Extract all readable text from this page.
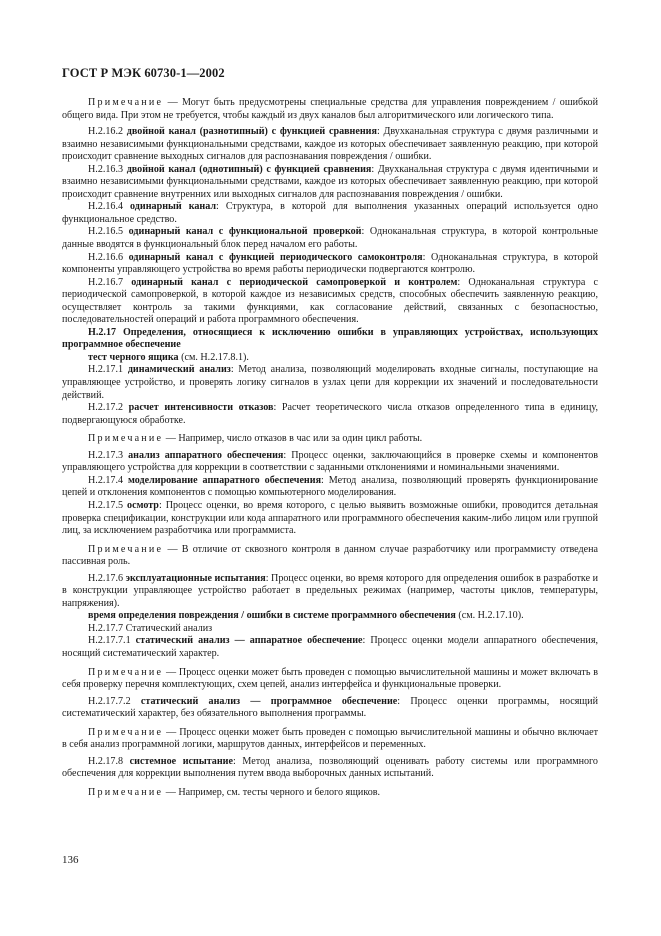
ГОСТ Р МЭК 60730-1—2002

Примечание — Могут быть предусмотрены специальные средства для управления повреждением / ошибкой общего вида. При этом не требуется, чтобы каждый из двух каналов был алгоритмического или логического типа.

Н.2.16.2 двойной канал (разнотипный) с функцией сравнения: Двухканальная структура с двумя различными и взаимно независимыми функциональными средствами, каждое из которых обеспечивает заявленную реакцию, при которой происходит сравнение выходных сигналов для распознавания повреждения / ошибки.

Н.2.16.3 двойной канал (однотипный) с функцией сравнения: Двухканальная структура с двумя идентичными и взаимно независимыми функциональными средствами, каждое из которых обеспечивает заявленную реакцию, при которой происходит сравнение внутренних или выходных сигналов для распознавания повреждения / ошибки.

Н.2.16.4 одинарный канал: Структура, в которой для выполнения указанных операций используется одно функциональное средство.

Н.2.16.5 одинарный канал с функциональной проверкой: Одноканальная структура, в которой контрольные данные вводятся в функциональный блок перед началом его работы.

Н.2.16.6 одинарный канал с функцией периодического самоконтроля: Одноканальная структура, в которой компоненты управляющего устройства во время работы периодически подвергаются контролю.

Н.2.16.7 одинарный канал с периодической самопроверкой и контролем: Одноканальная структура с периодической самопроверкой, в которой каждое из независимых средств, способных обеспечить заявленную реакцию, осуществляет контроль за такими функциями, как согласование действий, связанных с безопасностью, последовательностей операций и работа программного обеспечения.

Н.2.17 Определения, относящиеся к исключению ошибки в управляющих устройствах, использующих программное обеспечение

тест черного ящика (см. Н.2.17.8.1).

Н.2.17.1 динамический анализ: Метод анализа, позволяющий моделировать входные сигналы, поступающие на управляющее устройство, и проверять логику сигналов в узлах цепи для коррекции их значений и последовательности действий.

Н.2.17.2 расчет интенсивности отказов: Расчет теоретического числа отказов определенного типа в единицу, подвергающуюся обработке.

Примечание — Например, число отказов в час или за один цикл работы.

Н.2.17.3 анализ аппаратного обеспечения: Процесс оценки, заключающийся в проверке схемы и компонентов управляющего устройства для коррекции в соответствии с заданными отклонениями и номинальными значениями.

Н.2.17.4 моделирование аппаратного обеспечения: Метод анализа, позволяющий проверять функционирование цепей и отклонения компонентов с помощью компьютерного моделирования.

Н.2.17.5 осмотр: Процесс оценки, во время которого, с целью выявить возможные ошибки, проводится детальная проверка спецификации, конструкции или кода аппаратного или программного обеспечения каким-либо лицом или группой лиц, за исключением разработчика или программиста.

Примечание — В отличие от сквозного контроля в данном случае разработчику или программисту отведена пассивная роль.

Н.2.17.6 эксплуатационные испытания: Процесс оценки, во время которого для определения ошибок в разработке и в конструкции управляющее устройство работает в предельных режимах (например, частоты циклов, температуры, напряжения).

время определения повреждения / ошибки в системе программного обеспечения (см. Н.2.17.10).

Н.2.17.7 Статический анализ

Н.2.17.7.1 статический анализ — аппаратное обеспечение: Процесс оценки модели аппаратного обеспечения, носящий систематический характер.

Примечание — Процесс оценки может быть проведен с помощью вычислительной машины и может включать в себя проверку перечня комплектующих, схем цепей, анализ интерфейса и функциональные проверки.

Н.2.17.7.2 статический анализ — программное обеспечение: Процесс оценки программы, носящий систематический характер, без обязательного выполнения программы.

Примечание — Процесс оценки может быть проведен с помощью вычислительной машины и обычно включает в себя анализ программной логики, маршрутов данных, интерфейсов и переменных.

Н.2.17.8 системное испытание: Метод анализа, позволяющий оценивать работу системы или программного обеспечения для коррекции выполнения путем ввода выборочных данных испытаний.

Примечание — Например, см. тесты черного и белого ящиков.

136
